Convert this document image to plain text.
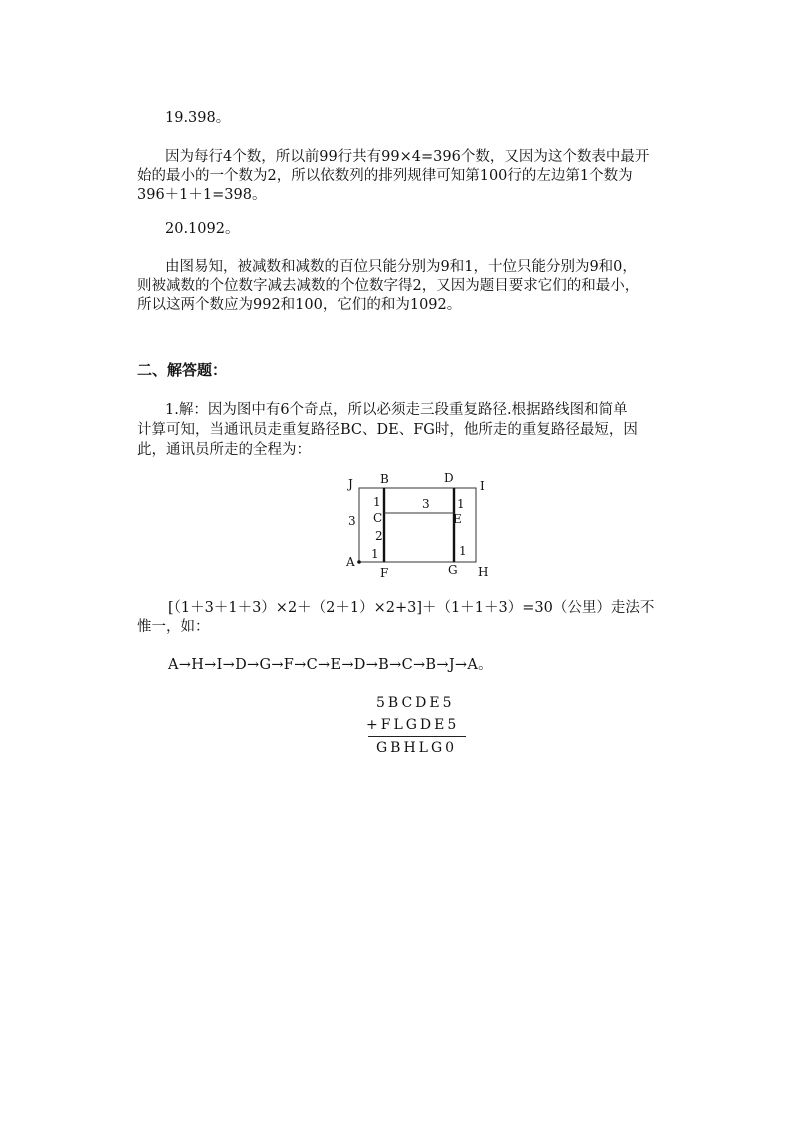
19.398。
因为每行4个数，所以前99行共有99×4=396个数，又因为这个数表中最开
始的最小的一个数为2，所以依数列的排列规律可知第100行的左边第1个数为
396＋1＋1=398。
20.1092。
由图易知，被减数和减数的百位只能分别为9和1，十位只能分别为9和0，
则被减数的个位数字减去减数的个位数字得2，又因为题目要求它们的和最小，
所以这两个数应为992和100，它们的和为1092。
二、解答题：
1.解：因为图中有6个奇点，所以必须走三段重复路径.根据路线图和简单
计算可知，当通讯员走重复路径BC、DE、FG时，他所走的重复路径最短，因
此，通讯员所走的全程为：
J B	D
I
A
F	G H
C	E
1
2
1
3 1
1
3
[（1＋3＋1＋3）×2＋（2＋1）×2+3]＋（1＋1＋3）=30（公里）走法不
惟一，如：
A→H→I→D→G→F→C→E→D→B→C→B→J→A。
5BCDE5
+FLGDE5
GBHLG0
